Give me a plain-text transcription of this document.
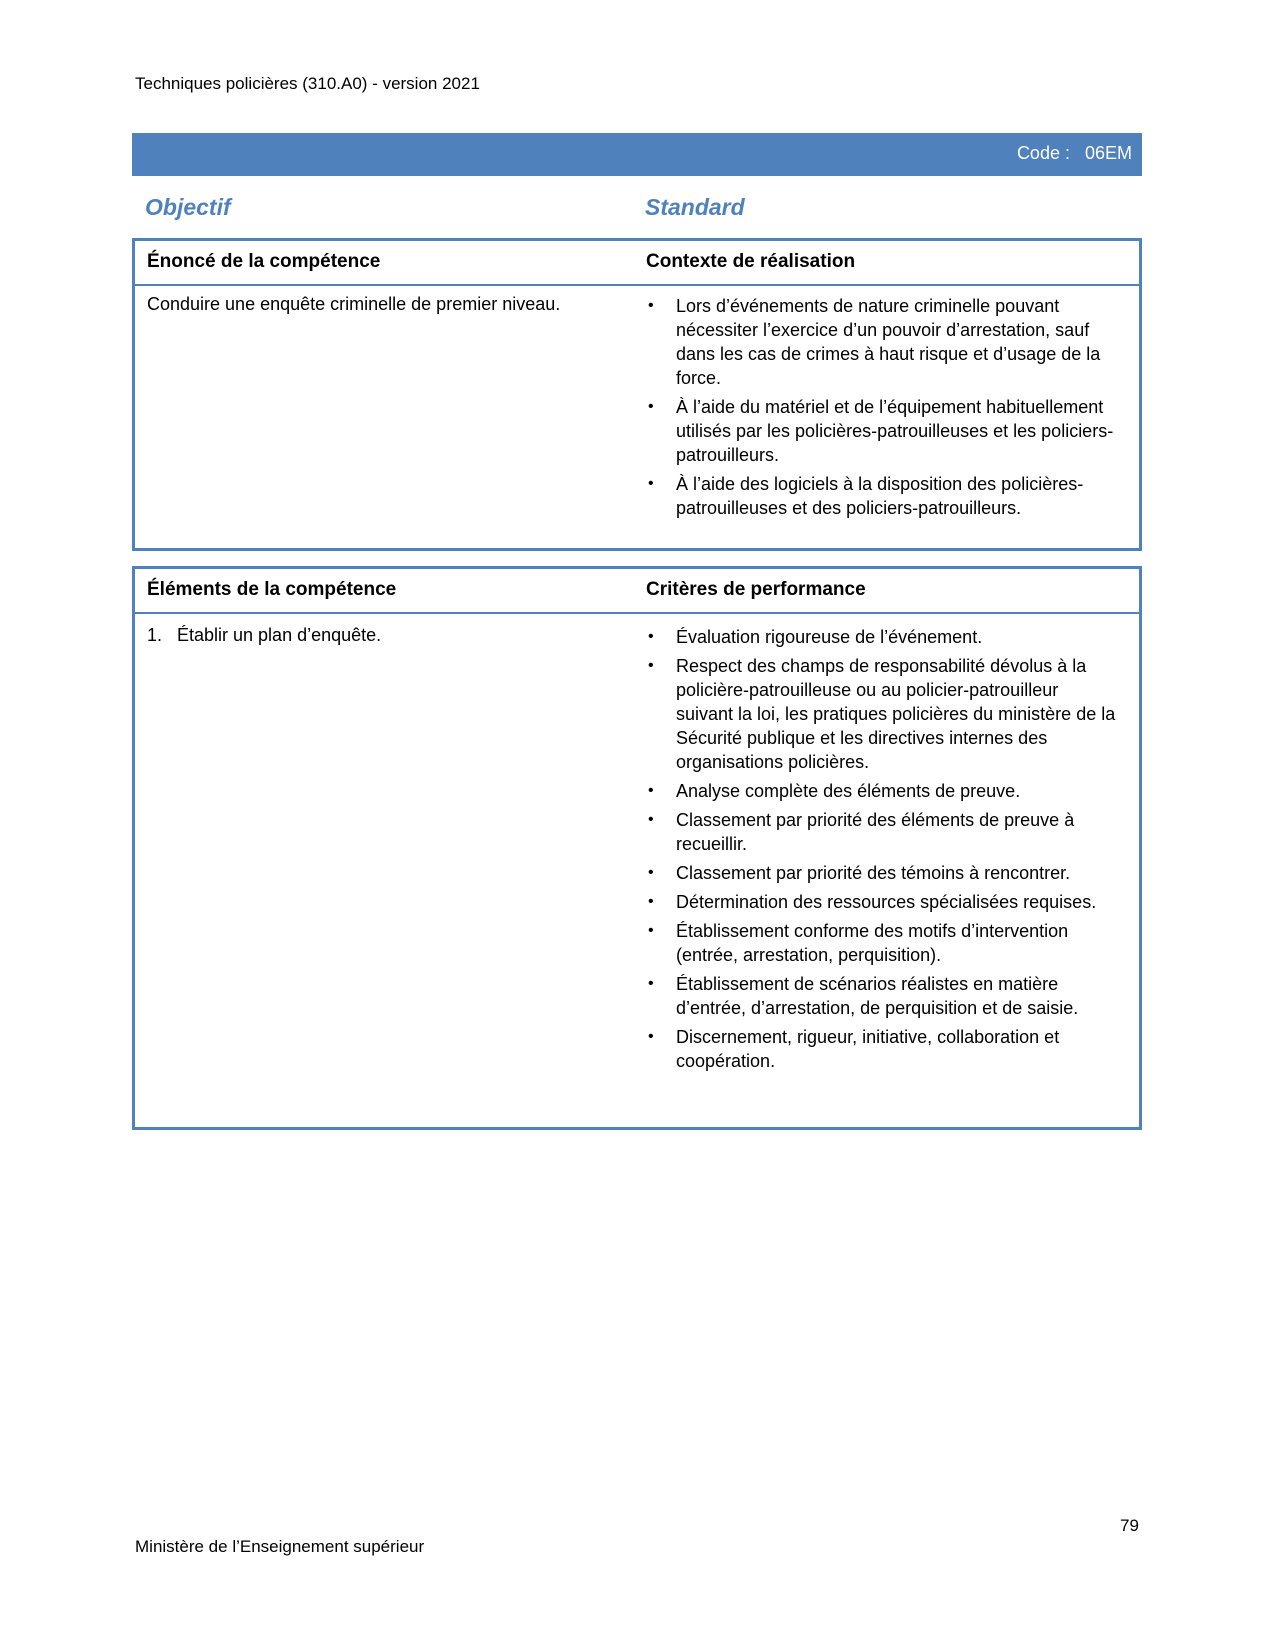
Techniques policières (310.A0) - version 2021
Code :   06EM
Objectif	Standard
Énoncé de la compétence	Contexte de réalisation
Conduire une enquête criminelle de premier niveau.	• Lors d’événements de nature criminelle pouvant nécessiter l’exercice d’un pouvoir d’arrestation, sauf dans les cas de crimes à haut risque et d’usage de la force.
• À l’aide du matériel et de l’équipement habituellement utilisés par les policières-patrouilleuses et les policiers-patrouilleurs.
• À l’aide des logiciels à la disposition des policières-patrouilleuses et des policiers-patrouilleurs.
Éléments de la compétence	Critères de performance
1. Établir un plan d’enquête.	• Évaluation rigoureuse de l’événement.
• Respect des champs de responsabilité dévolus à la policière-patrouilleuse ou au policier-patrouilleur suivant la loi, les pratiques policières du ministère de la Sécurité publique et les directives internes des organisations policières.
• Analyse complète des éléments de preuve.
• Classement par priorité des éléments de preuve à recueillir.
• Classement par priorité des témoins à rencontrer.
• Détermination des ressources spécialisées requises.
• Établissement conforme des motifs d’intervention (entrée, arrestation, perquisition).
• Établissement de scénarios réalistes en matière d’entrée, d’arrestation, de perquisition et de saisie.
• Discernement, rigueur, initiative, collaboration et coopération.
79
Ministère de l’Enseignement supérieur
